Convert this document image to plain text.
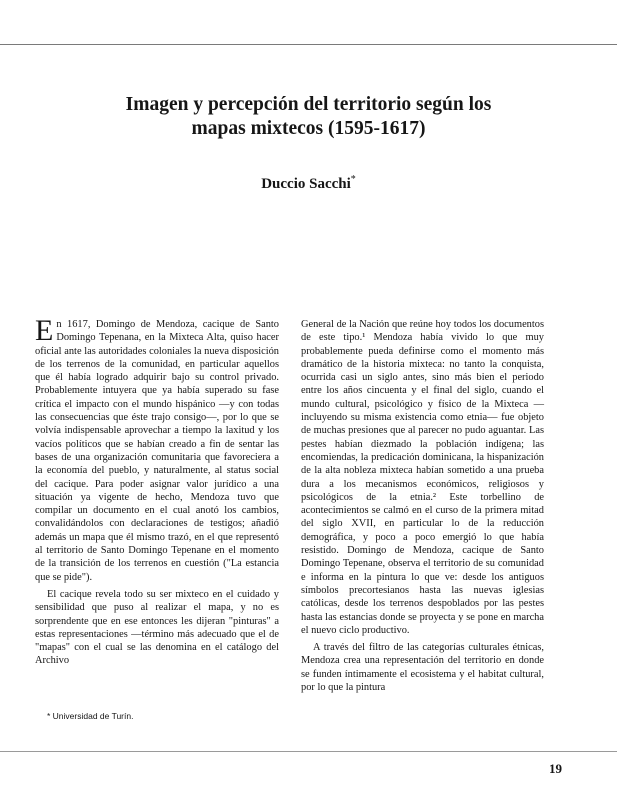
Imagen y percepción del territorio según los
mapas mixtecos (1595-1617)
Duccio Sacchi*

En 1617, Domingo de Mendoza, cacique de Santo Domingo Tepenana, en la Mixteca Alta, quiso hacer oficial ante las autoridades coloniales la nueva disposición de los terrenos de la comunidad, en particular aquellos que él había logrado adquirir bajo su control privado. Probablemente intuyera que ya había superado su fase crítica el impacto con el mundo hispánico —y con todas las consecuencias que éste trajo consigo—, por lo que se volvía indispensable aprovechar a tiempo la laxitud y los vacíos políticos que se habían creado a fin de sentar las bases de una organización comunitaria que favoreciera a la economía del pueblo, y naturalmente, al status social del cacique. Para poder asignar valor jurídico a una situación ya vigente de hecho, Mendoza tuvo que compilar un documento en el cual anotó los cambios, convalidándolos con declaraciones de testigos; añadió además un mapa que él mismo trazó, en el que representó al territorio de Santo Domingo Tepenane en el momento de la transición de los terrenos en cuestión ("La estancia que se pide").

El cacique revela todo su ser mixteco en el cuidado y sensibilidad que puso al realizar el mapa, y no es sorprendente que en ese entonces les dijeran "pinturas" a estas representaciones —término más adecuado que el de "mapas" con el cual se las denomina en el catálogo del Archivo

General de la Nación que reúne hoy todos los documentos de este tipo.¹ Mendoza había vivido lo que muy probablemente pueda definirse como el momento más dramático de la historia mixteca: no tanto la conquista, ocurrida casi un siglo antes, sino más bien el periodo entre los años cincuenta y el final del siglo, cuando el mundo cultural, psicológico y físico de la Mixteca —incluyendo su misma existencia como etnia— fue objeto de muchas presiones que al parecer no pudo aguantar. Las pestes habían diezmado la población indígena; las encomiendas, la predicación dominicana, la hispanización de la alta nobleza mixteca habían sometido a una prueba dura a los mecanismos económicos, religiosos y psicológicos de la etnia.² Este torbellino de acontecimientos se calmó en el curso de la primera mitad del siglo XVII, en particular lo de la reducción demográfica, y poco a poco emergió lo que había resistido. Domingo de Mendoza, cacique de Santo Domingo Tepenane, observa el territorio de su comunidad e informa en la pintura lo que ve: desde los antiguos símbolos precortesianos hasta las nuevas iglesias católicas, desde los terrenos despoblados por las pestes hasta las estancias donde se proyecta y se pone en marcha el nuevo ciclo productivo.

A través del filtro de las categorías culturales étnicas, Mendoza crea una representación del territorio en donde se funden íntimamente el ecosistema y el habitat cultural, por lo que la pintura

* Universidad de Turín.
19
